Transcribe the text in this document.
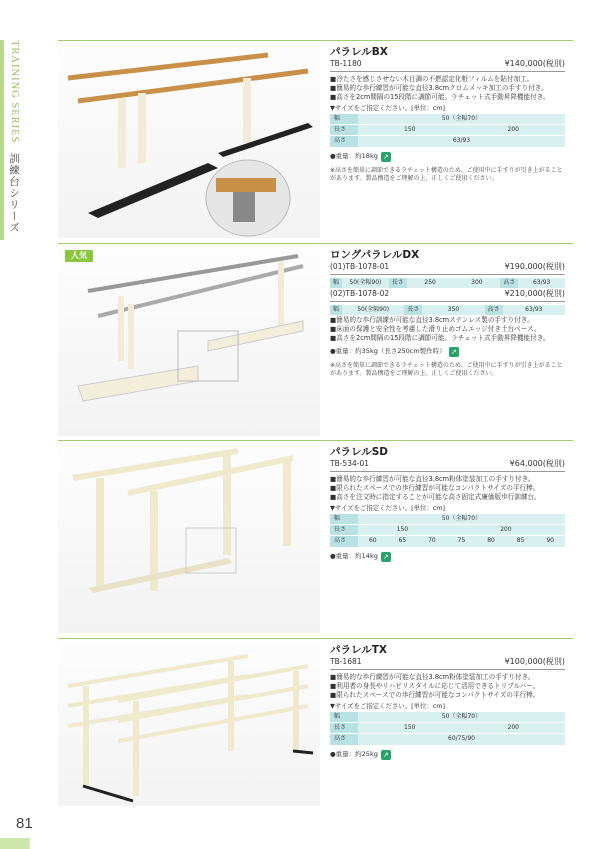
TRAINING SERIES 訓練台シリーズ
人気
パラレルBX
TB-1180	¥140,000(税別)
■冷たさを感じさせない木目調の不燃認定化粧フィルムを貼付加工。
■簡易的な歩行練習が可能な直径3.8cmクロムメッキ加工の手すり付き。
■高さを2cm間隔の15段階に調節可能。ラチェット式手動昇降機能付き。
▼サイズをご指定ください。[単位：cm]
幅	50（全幅70）	
長さ	150	200
高さ	63/93	
●重量：約18kg ↗
※高さを簡単に調節できるラチェット構造のため、ご使用中に手すりが引き上がることがあります。製品構造をご理解の上、正しくご使用ください。
ロングパラレルDX
(01)TB-1078-01	¥190,000(税別)
幅	50(全幅90)	長さ	250	300	高さ	63/93
(02)TB-1078-02	¥210,000(税別)
幅	50(全幅90)	長さ	350	高さ	63/93
■簡易的な歩行訓練が可能な直径3.8cmステンレス製の手すり付き。
■床面の保護と安全性を考慮した滑り止めゴムエッジ付き土台ベース。
■高さを2cm間隔の15段階に調節可能。ラチェット式手動昇降機能付き。
●重量：約35kg（長さ250cm製作時） ↗
※高さを簡単に調節できるラチェット構造のため、ご使用中に手すりが引き上がることがあります。製品構造をご理解の上、正しくご使用ください。
パラレルSD
TB-534-01	¥64,000(税別)
■簡易的な歩行練習が可能な直径3.8cm粉体塗装加工の手すり付き。
■限られたスペースでの歩行練習が可能なコンパクトサイズの平行棒。
■高さを注文時に指定することが可能な高さ固定式廉価版歩行訓練台。
▼サイズをご指定ください。[単位：cm]
幅	50（全幅70）						
長さ	150			200			
高さ	60	65	70	75	80	85	90
●重量：約14kg ↗
パラレルTX
TB-1681	¥100,000(税別)
■簡易的な歩行練習が可能な直径3.8cm粉体塗装加工の手すり付き。
■利用者の身長やリハビリスタイルに応じて活用できるトリプルバー。
■限られたスペースでの歩行練習が可能なコンパクトサイズの平行棒。
▼サイズをご指定ください。[単位：cm]
幅	50（全幅70）	
長さ	150	200
高さ	60/75/90	
●重量：約25kg ↗
81
